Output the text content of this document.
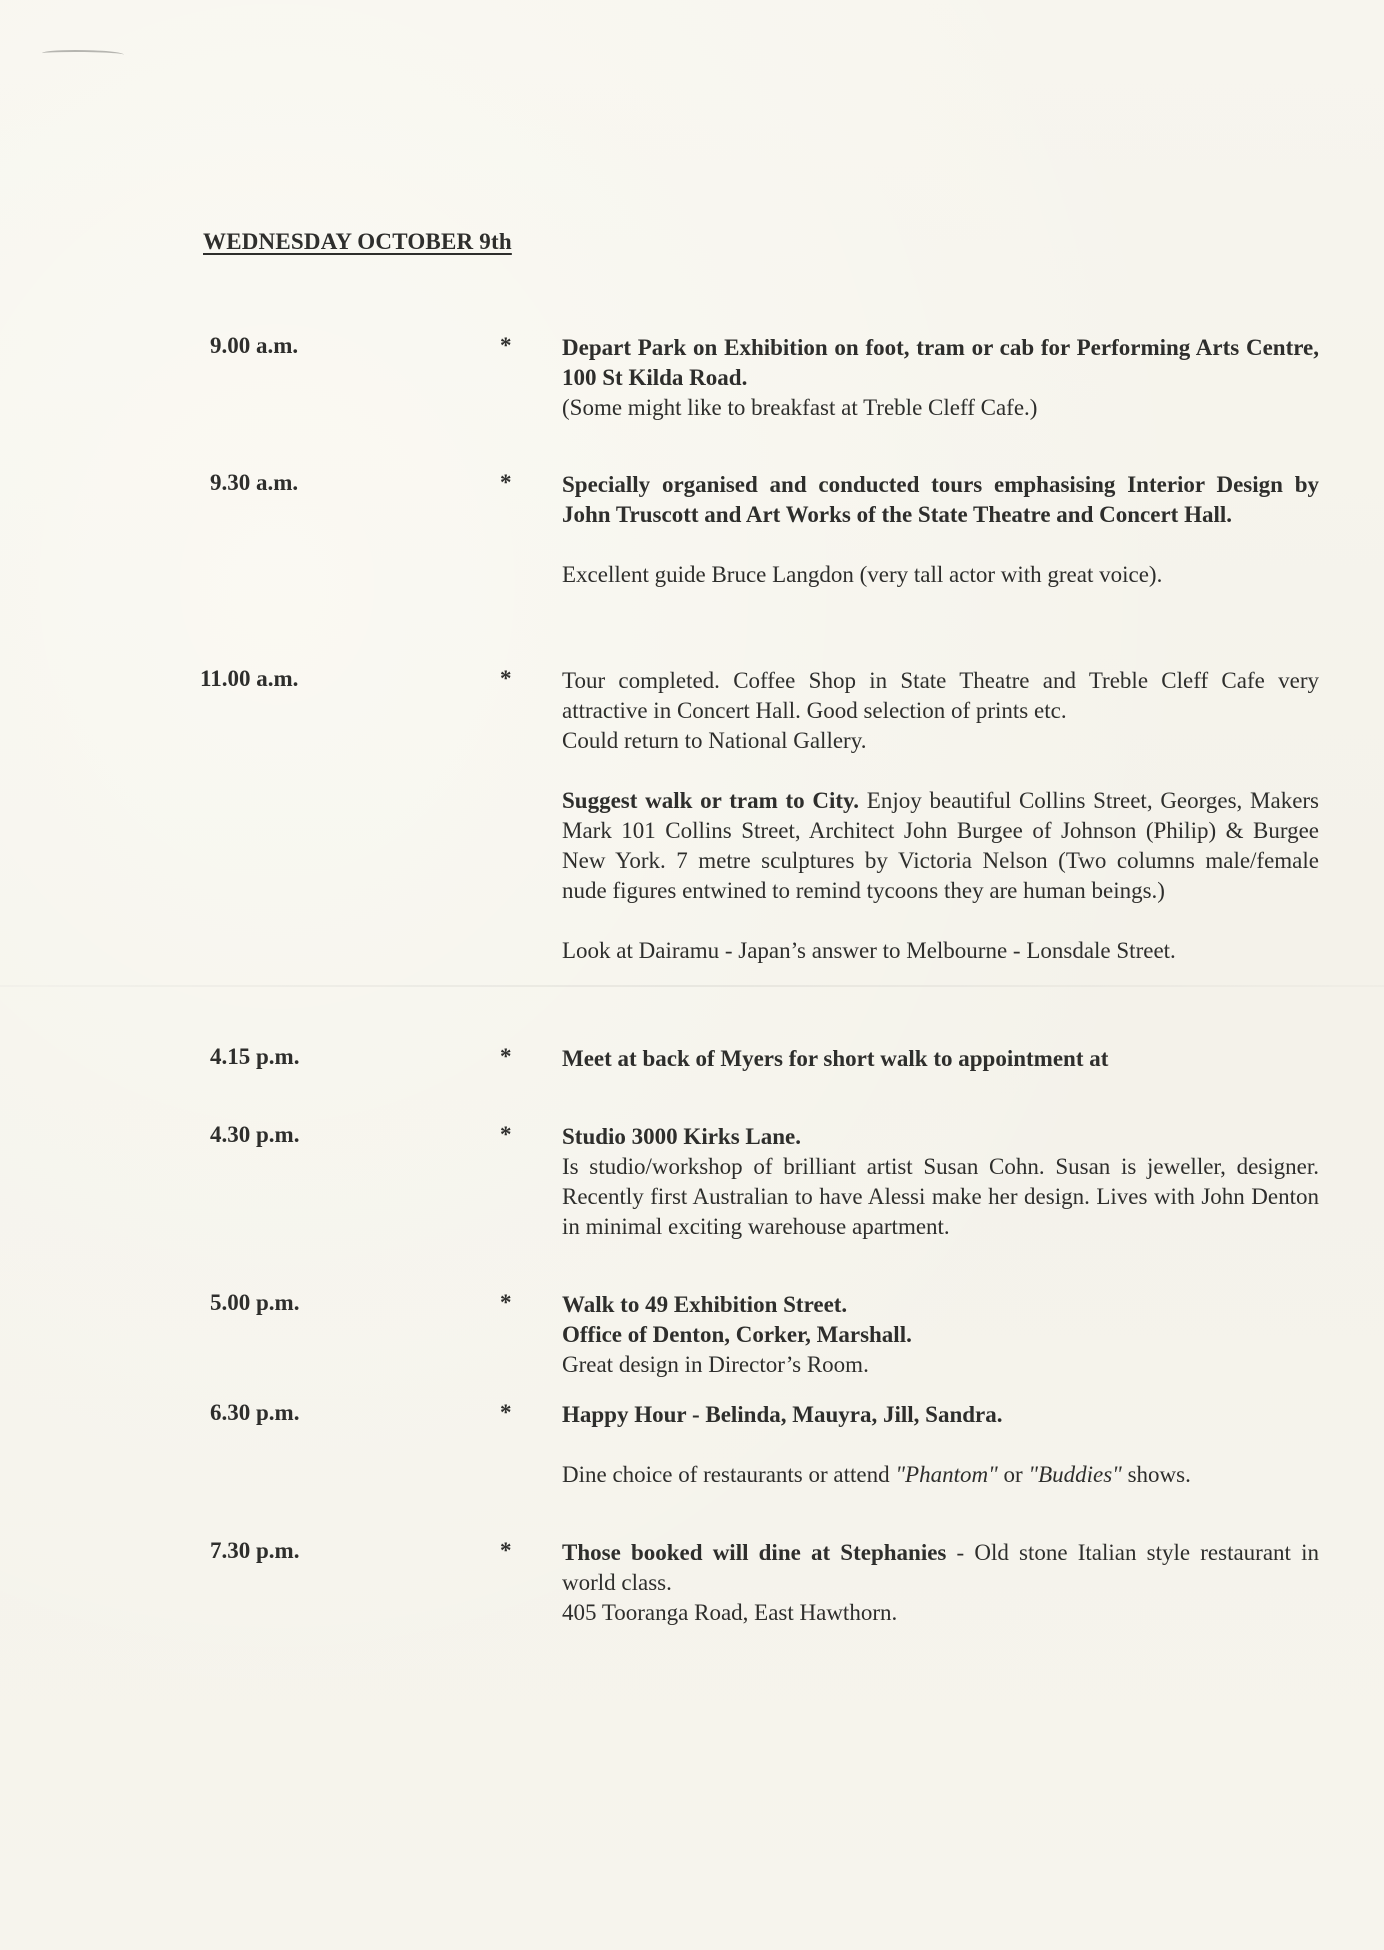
WEDNESDAY OCTOBER 9th
9.00 a.m.	* Depart Park on Exhibition on foot, tram or cab for Performing Arts Centre, 100 St Kilda Road.

(Some might like to breakfast at Treble Cleff Cafe.)

9.30 a.m.	* Specially organised and conducted tours emphasising Interior Design by John Truscott and Art Works of the State Theatre and Concert Hall.

Excellent guide Bruce Langdon (very tall actor with great voice).

11.00 a.m.	* Tour completed. Coffee Shop in State Theatre and Treble Cleff Cafe very attractive in Concert Hall. Good selection of prints etc.

Could return to National Gallery.

Suggest walk or tram to City. Enjoy beautiful Collins Street, Georges, Makers Mark 101 Collins Street, Architect John Burgee of Johnson (Philip) & Burgee New York. 7 metre sculptures by Victoria Nelson (Two columns male/female nude figures entwined to remind tycoons they are human beings.)

Look at Dairamu - Japan’s answer to Melbourne - Lonsdale Street.

4.15 p.m.	* Meet at back of Myers for short walk to appointment at

4.30 p.m.	* Studio 3000 Kirks Lane.

Is studio/workshop of brilliant artist Susan Cohn. Susan is jeweller, designer. Recently first Australian to have Alessi make her design. Lives with John Denton in minimal exciting warehouse apartment.

5.00 p.m.	* Walk to 49 Exhibition Street.

Office of Denton, Corker, Marshall.

Great design in Director’s Room.

6.30 p.m.	* Happy Hour - Belinda, Mauyra, Jill, Sandra.

Dine choice of restaurants or attend "Phantom" or "Buddies" shows.

7.30 p.m.	* Those booked will dine at Stephanies - Old stone Italian style restaurant in world class.

405 Tooranga Road, East Hawthorn.
